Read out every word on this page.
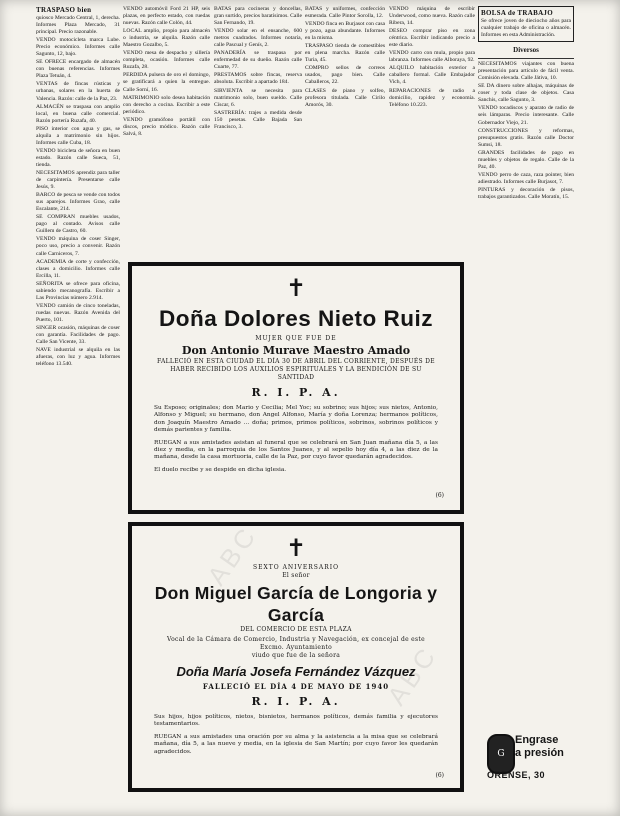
TRASPASO bien
quiosco Mercado Central, 1, derecha. Informes Plaza Mercado, 31 principal. Precio razonable.
VENDO motocicleta marca Lube. Precio económico. Informes calle Sagunto, 12, bajo.
SE OFRECE encargado de almacén con buenas referencias. Informes Plaza Tetuán, 4.
VENTAS de fincas rústicas y urbanas, solares en la huerta de Valencia. Razón: calle de la Paz, 23.
ALMACÉN se traspasa con amplio local, en buena calle comercial. Razón portería Ruzafa, 40.
PISO interior con agua y gas, se alquila a matrimonio sin hijos. Informes calle Cuba, 18.
VENDO bicicleta de señora en buen estado. Razón calle Sueca, 51, tienda.
NECESITAMOS aprendiz para taller de carpintería. Presentarse calle Jesús, 9.
BARCO de pesca se vende con todos sus aparejos. Informes Grao, calle Escalante, 214.
SE COMPRAN muebles usados, pago al contado. Avisos calle Guillem de Castro, 60.
VENDO máquina de coser Singer, poco uso, precio a convenir. Razón calle Carniceros, 7.
ACADEMIA de corte y confección, clases a domicilio. Informes calle Ercilla, 11.
SEÑORITA se ofrece para oficina, sabiendo mecanografía. Escribir a Las Provincias número 2.914.
VENDO camión de cinco toneladas, ruedas nuevas. Razón Avenida del Puerto, 101.
SINGER ocasión, máquinas de coser con garantía. Facilidades de pago. Calle San Vicente, 33.
NAVE industrial se alquila en las afueras, con luz y agua. Informes teléfono 13.540.
VENDO automóvil Ford 21 HP, seis plazas, en perfecto estado, con ruedas nuevas. Razón calle Colón, 44.
LOCAL amplio, propio para almacén o industria, se alquila. Razón calle Maestro Gozalbo, 5.
VENDO mesa de despacho y sillería completa, ocasión. Informes calle Ruzafa, 28.
PERDIDA pulsera de oro el domingo, se gratificará a quien la entregue. Calle Sorní, 16.
MATRIMONIO solo desea habitación con derecho a cocina. Escribir a este periódico.
VENDO gramófono portátil con discos, precio módico. Razón calle Salvá, 8.
BATAS para cocineras y doncellas, gran surtido, precios baratísimos. Calle San Fernando, 19.
VENDO solar en el ensanche, 600 metros cuadrados. Informes notaría, calle Pascual y Genís, 2.
PANADERÍA se traspasa por enfermedad de su dueño. Razón calle Cuarte, 77.
PRESTAMOS sobre fincas, reserva absoluta. Escribir a apartado 184.
SIRVIENTA se necesita para matrimonio solo, buen sueldo. Calle Císcar, 6.
SASTRERÍA: trajes a medida desde 150 pesetas. Calle Bajada San Francisco, 3.
BATAS y uniformes, confección esmerada. Calle Pintor Sorolla, 12.
VENDO finca en Burjasot con casa y pozo, agua abundante. Informes en la misma.
TRASPASO tienda de comestibles en plena marcha. Razón calle Turia, 45.
COMPRO sellos de correos usados, pago bien. Calle Caballeros, 22.
CLASES de piano y solfeo, profesora titulada. Calle Cirilo Amorós, 30.
VENDO máquina de escribir Underwood, como nueva. Razón calle Ribera, 14.
DESEO comprar piso en zona céntrica. Escribir indicando precio a este diario.
VENDO carro con mula, propio para labranza. Informes calle Alboraya, 92.
ALQUILO habitación exterior a caballero formal. Calle Embajador Vich, 4.
REPARACIONES de radio a domicilio, rapidez y economía. Teléfono 10.223.
BOLSA de TRABAJO
Se ofrece joven de dieciocho años para cualquier trabajo de oficina o almacén. Informes en esta Administración.
Diversos
NECESITAMOS viajantes con buena presentación para artículo de fácil venta. Comisión elevada. Calle Játiva, 10.
SE DA dinero sobre alhajas, máquinas de coser y toda clase de objetos. Casa Sanchis, calle Sagunto, 3.
VENDO tocadiscos y aparato de radio de seis lámparas. Precio interesante. Calle Gobernador Viejo, 21.
CONSTRUCCIONES y reformas, presupuestos gratis. Razón calle Doctor Sumsi, 18.
GRANDES facilidades de pago en muebles y objetos de regalo. Calle de la Paz, 40.
VENDO perro de caza, raza pointer, bien adiestrado. Informes calle Burjasot, 7.
PINTURAS y decoración de pisos, trabajos garantizados. Calle Moratín, 15.
✝
Doña Dolores Nieto Ruiz
MUJER QUE FUE DE
Don Antonio Murave Maestro Amado
FALLECIÓ EN ESTA CIUDAD EL DÍA 30 DE ABRIL DEL CORRIENTE, DESPUÉS DE HABER RECIBIDO LOS AUXILIOS ESPIRITUALES Y LA BENDICIÓN DE SU SANTIDAD
R. I. P. A.
Su Esposo; originales; don Mario y Cecilia; Mel Yoc; su sobrino; sus hijos; sus nietos, Antonio, Alfonso y Miguel; su hermano, don Angel Alfonso, María y doña Lorenza; hermanos políticos, don Joaquín Maestro Amado ... doña; primos, primos políticos, sobrinos, sobrinos políticos y demás parientes y familia.
RUEGAN a sus amistades asistan al funeral que se celebrará en San Juan mañana día 5, a las diez y media, en la parroquia de los Santos Juanes, y al sepelio hoy día 4, a las diez de la mañana, desde la casa mortuoria, calle de la Paz, por cuyo favor quedarán agradecidos.
El duelo recibe y se despide en dicha iglesia.
(6)
✝
SEXTO ANIVERSARIO
El señor
Don Miguel García de Longoria y García
DEL COMERCIO DE ESTA PLAZA
Vocal de la Cámara de Comercio, Industria y Navegación, ex concejal de este Excmo. Ayuntamiento
viudo que fue de la señora
Doña María Josefa Fernández Vázquez
FALLECIÓ EL DÍA 4 DE MAYO DE 1940
R. I. P. A.
Sus hijos, hijos políticos, nietos, bisnietos, hermanos políticos, demás familia y ejecutores testamentarios.
RUEGAN a sus amistades una oración por su alma y la asistencia a la misa que se celebrará mañana, día 5, a las nueve y media, en la iglesia de San Martín; por cuyo favor les quedarán agradecidos.
(6)
G
Engrase
a presión
ORENSE, 30
